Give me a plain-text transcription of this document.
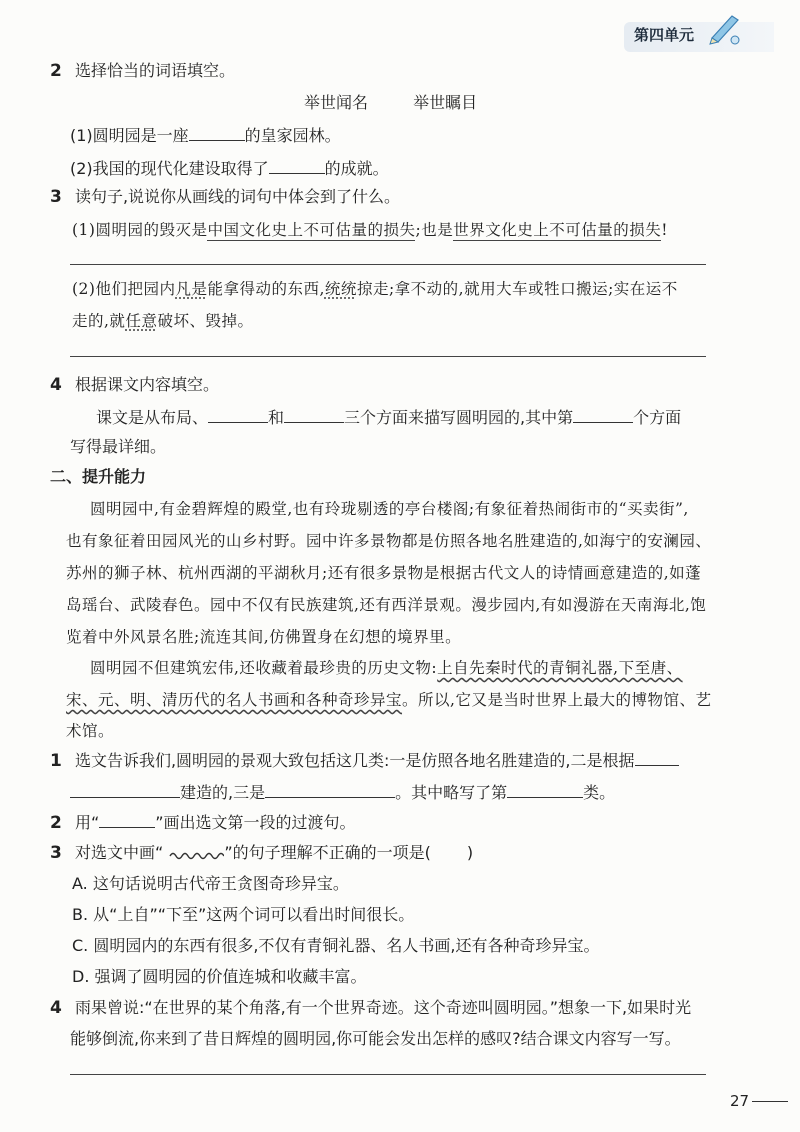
第四单元
2 选择恰当的词语填空。
举世闻名	举世瞩目
(1)圆明园是一座	的皇家园林。
(2)我国的现代化建设取得了	的成就。
3 读句子,说说你从画线的词句中体会到了什么。
(1)圆明园的毁灭是中国文化史上不可估量的损失;也是世界文化史上不可估量的损失!
(2)他们把园内凡是能拿得动的东西,统统掠走;拿不动的,就用大车或牲口搬运;实在运不
走的,就任意破坏、毁掉。
4 根据课文内容填空。
课文是从布局、	和	三个方面来描写圆明园的,其中第	个方面
写得最详细。
二、提升能力
圆明园中,有金碧辉煌的殿堂,也有玲珑剔透的亭台楼阁;有象征着热闹街市的“买卖街”,
也有象征着田园风光的山乡村野。园中许多景物都是仿照各地名胜建造的,如海宁的安澜园、
苏州的狮子林、杭州西湖的平湖秋月;还有很多景物是根据古代文人的诗情画意建造的,如蓬
岛瑶台、武陵春色。园中不仅有民族建筑,还有西洋景观。漫步园内,有如漫游在天南海北,饱
览着中外风景名胜;流连其间,仿佛置身在幻想的境界里。
圆明园不但建筑宏伟,还收藏着最珍贵的历史文物:上自先秦时代的青铜礼器,下至唐、
宋、元、明、清历代的名人书画和各种奇珍异宝。所以,它又是当时世界上最大的博物馆、艺
术馆。
1 选文告诉我们,圆明园的景观大致包括这几类:一是仿照各地名胜建造的,二是根据
建造的,三是	。其中略写了第	类。
2 用“	”画出选文第一段的过渡句。
3 对选文中画“	”的句子理解不正确的一项是( )
A. 这句话说明古代帝王贪图奇珍异宝。
B. 从“上自”“下至”这两个词可以看出时间很长。
C. 圆明园内的东西有很多,不仅有青铜礼器、名人书画,还有各种奇珍异宝。
D. 强调了圆明园的价值连城和收藏丰富。
4 雨果曾说:“在世界的某个角落,有一个世界奇迹。这个奇迹叫圆明园。”想象一下,如果时光
能够倒流,你来到了昔日辉煌的圆明园,你可能会发出怎样的感叹?结合课文内容写一写。
27
